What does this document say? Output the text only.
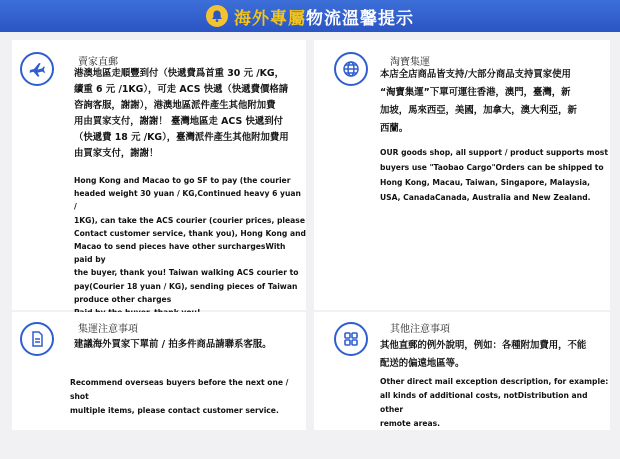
海外專屬 物流溫馨提示
賣家直郵

港澳地區走順豐到付（快遞費爲首重 30 元 /KG，

續重 6 元 /1KG），可走 ACS 快遞（快遞費價格請

咨詢客服，謝謝），港澳地區派件產生其他附加費

用由買家支付，謝謝！ 臺灣地區走 ACS 快遞到付

（快遞費 18 元 /KG），臺灣派件產生其他附加費用

由買家支付，謝謝！

Hong Kong and Macao to go SF to pay (the courier

headed weight 30 yuan / KG,Continued heavy 6 yuan /

1KG), can take the ACS courier (courier prices, please

Contact customer service, thank you), Hong Kong and

Macao to send pieces have other surchargesWith paid by

the buyer, thank you! Taiwan walking ACS courier to

pay(Courier 18 yuan / KG), sending pieces of Taiwan

produce other charges

淘寶集運

本店全店商品皆支持/大部分商品支持買家使用

“淘寶集運”下單可運往香港，澳門，臺灣，新

加坡，馬來西亞，美國，加拿大，澳大利亞，新

西蘭。

OUR goods shop, all support / product supports most

buyers use "Taobao Cargo"Orders can be shipped to

Hong Kong, Macau, Taiwan, Singapore, Malaysia,

USA, CanadaCanada, Australia and New Zealand.

集運注意事項

建議海外買家下單前 / 拍多件商品請聯系客服。

Recommend overseas buyers before the next one / shot

multiple items, please contact customer service.

其他注意事項

其他直郵的例外說明，例如：各種附加費用，不能

配送的偏遠地區等。

Other direct mail exception description, for example:

all kinds of additional costs, notDistribution and other

remote areas.
